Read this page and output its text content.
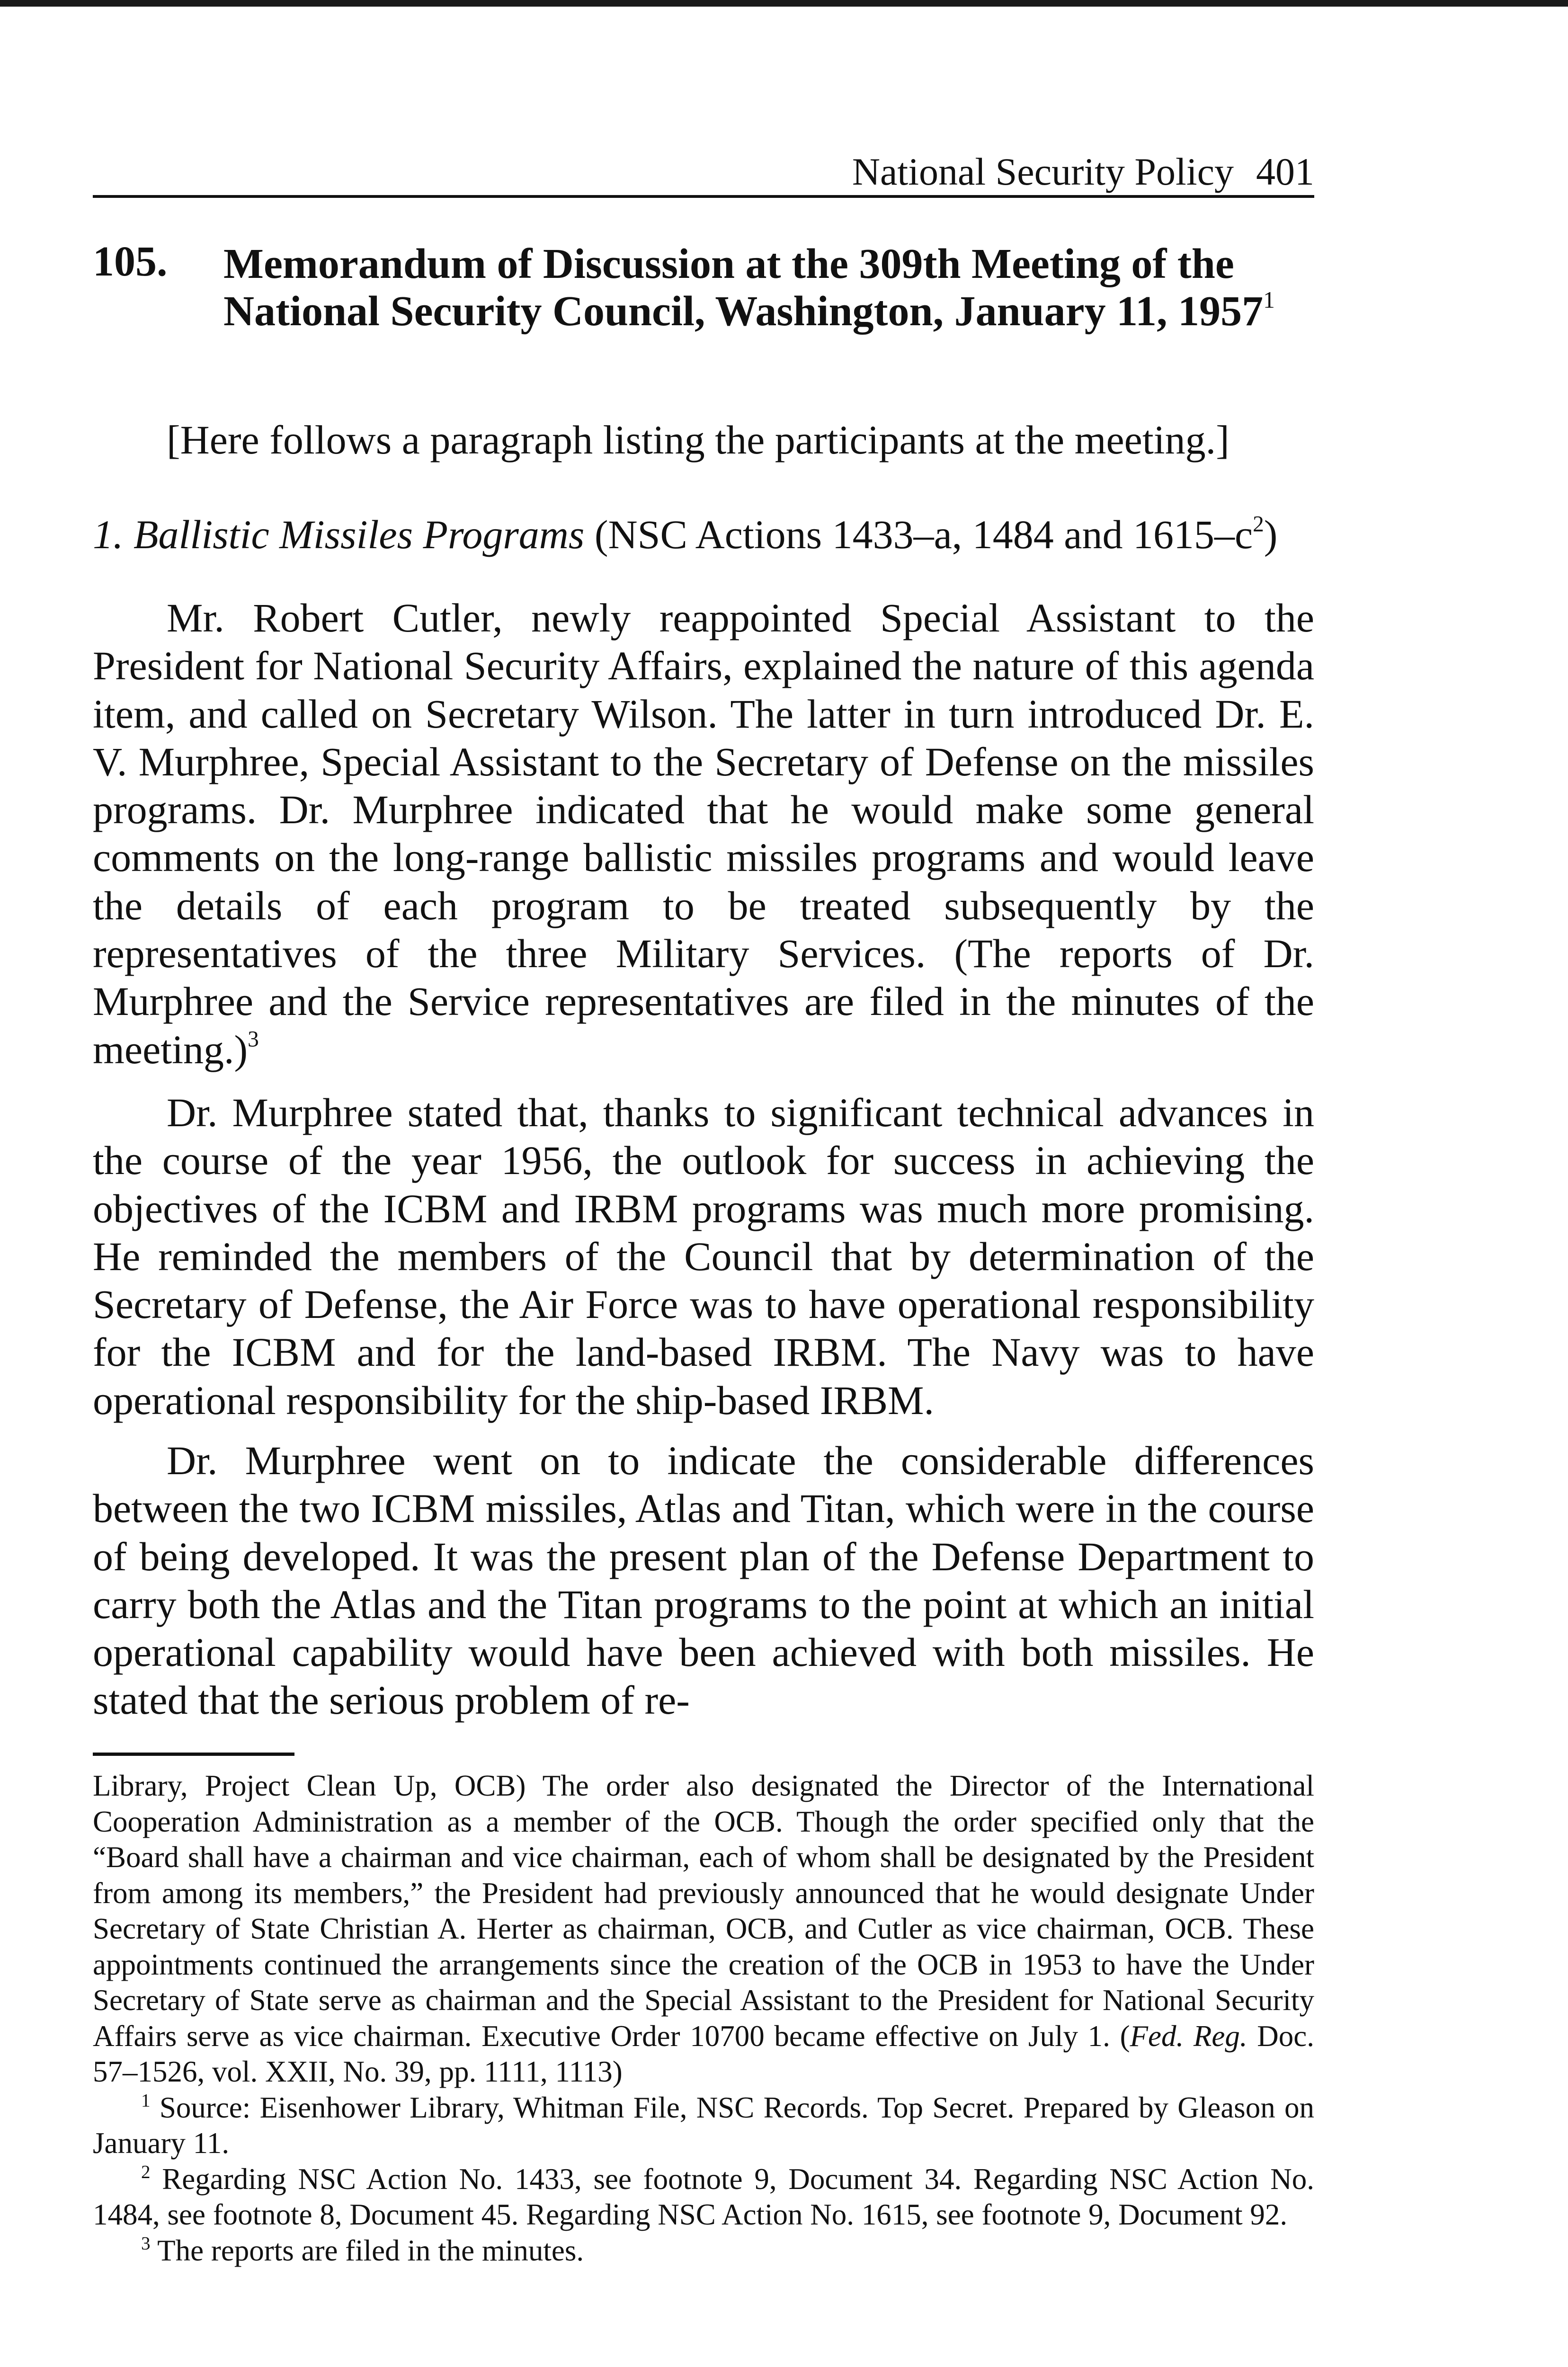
National Security Policy 401
105. Memorandum of Discussion at the 309th Meeting of the National Security Council, Washington, January 11, 1957$^1$
[Here follows a paragraph listing the participants at the meeting.]
1. Ballistic Missiles Programs (NSC Actions 1433–a, 1484 and $1615-c^2$)
Mr. Robert Cutler, newly reappointed Special Assistant to the President for National Security Affairs, explained the nature of this agenda item, and called on Secretary Wilson. The latter in turn introduced Dr. E. V. Murphree, Special Assistant to the Secretary of Defense on the missiles programs. Dr. Murphree indicated that he would make some general comments on the long-range ballistic missiles programs and would leave the details of each program to be treated subsequently by the representatives of the three Military Services. (The reports of Dr. Murphree and the Service representatives are filed in the minutes of the meeting.)$^3$
Dr. Murphree stated that, thanks to significant technical advances in the course of the year 1956, the outlook for success in achieving the objectives of the ICBM and IRBM programs was much more promising. He reminded the members of the Council that by determination of the Secretary of Defense, the Air Force was to have operational responsibility for the ICBM and for the land-based IRBM. The Navy was to have operational responsibility for the ship-based IRBM.
Dr. Murphree went on to indicate the considerable differences between the two ICBM missiles, Atlas and Titan, which were in the course of being developed. It was the present plan of the Defense Department to carry both the Atlas and the Titan programs to the point at which an initial operational capability would have been achieved with both missiles. He stated that the serious problem of re-

Library, Project Clean Up, OCB) The order also designated the Director of the International Cooperation Administration as a member of the OCB. Though the order specified only that the “Board shall have a chairman and vice chairman, each of whom shall be designated by the President from among its members,” the President had previously announced that he would designate Under Secretary of State Christian A. Herter as chairman, OCB, and Cutler as vice chairman, OCB. These appointments continued the arrangements since the creation of the OCB in 1953 to have the Under Secretary of State serve as chairman and the Special Assistant to the President for National Security Affairs serve as vice chairman. Executive Order 10700 became effective on July 1. (Fed. Reg. Doc. 57–1526, vol. XXII, No. 39, pp. 1111, 1113)

$^1$ Source: Eisenhower Library, Whitman File, NSC Records. Top Secret. Prepared by Gleason on January 11.

$^2$ Regarding NSC Action No. 1433, see footnote 9, Document 34. Regarding NSC Action No. 1484, see footnote 8, Document 45. Regarding NSC Action No. 1615, see footnote 9, Document 92.

$^3$ The reports are filed in the minutes.
